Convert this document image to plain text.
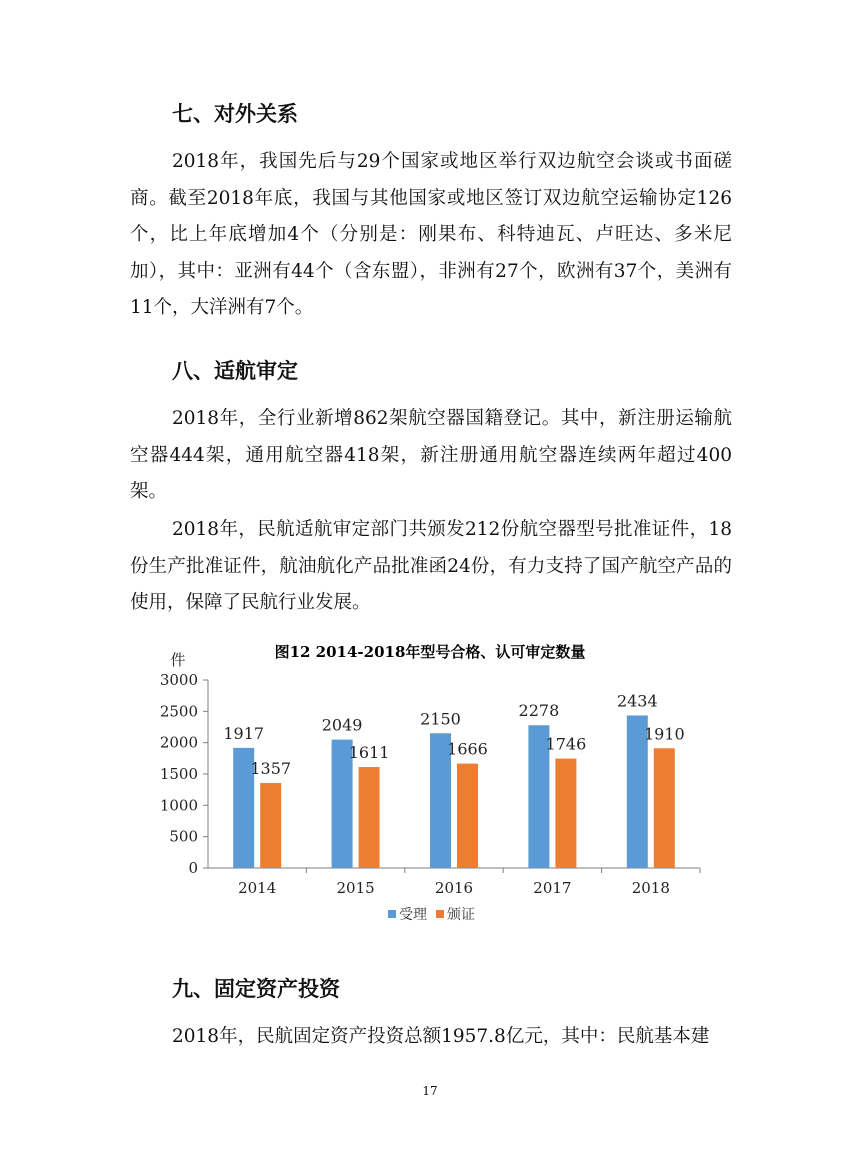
七、对外关系

2018年，我国先后与29个国家或地区举行双边航空会谈或书面磋商。截至2018年底，我国与其他国家或地区签订双边航空运输协定126个，比上年底增加4个（分别是：刚果布、科特迪瓦、卢旺达、多米尼加），其中：亚洲有44个（含东盟），非洲有27个，欧洲有37个，美洲有11个，大洋洲有7个。

八、适航审定

2018年，全行业新增862架航空器国籍登记。其中，新注册运输航空器444架，通用航空器418架，新注册通用航空器连续两年超过400架。

2018年，民航适航审定部门共颁发212份航空器型号批准证件，18份生产批准证件，航油航化产品批准函24份，有力支持了国产航空产品的使用，保障了民航行业发展。

图12 2014-2018年型号合格、认可审定数量
件
0
500
1000
1500
2000
2500
3000
1917
1357
2014
2049
1611
2015
2150
1666
2016
2278
1746
2017
2434
1910
2018
受理 颁证
九、固定资产投资

2018年，民航固定资产投资总额1957.8亿元，其中：民航基本建

17
